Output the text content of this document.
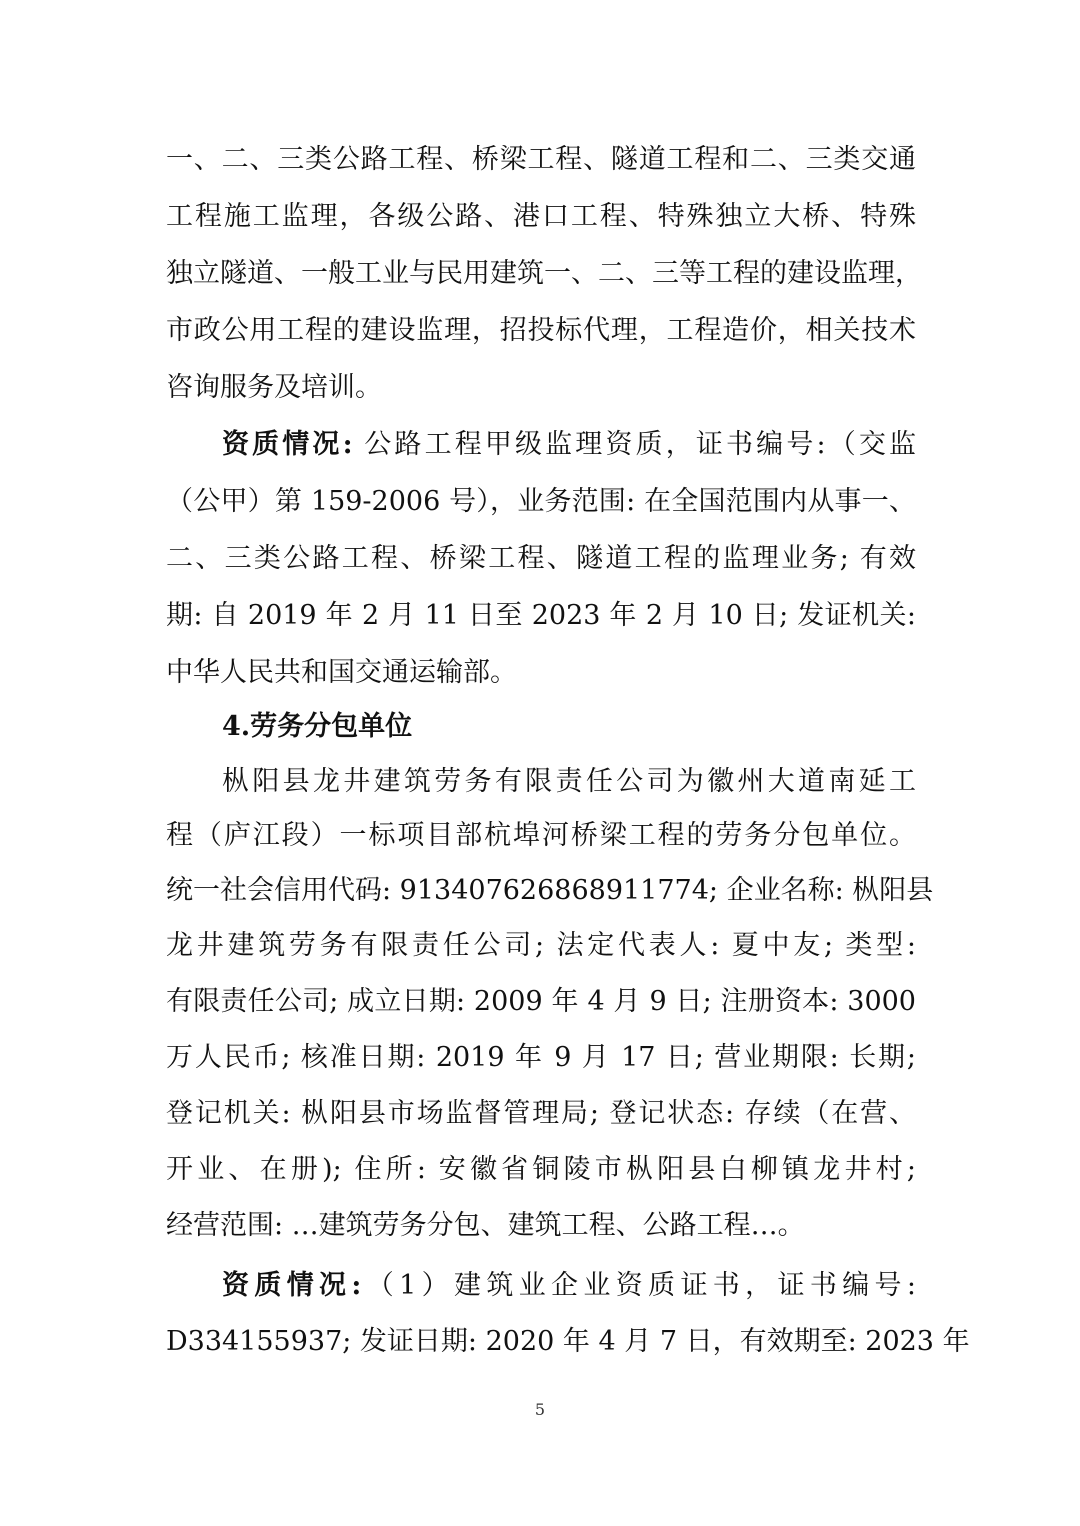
一、二、三类公路工程、桥梁工程、隧道工程和二、三类交通
工程施工监理，各级公路、港口工程、特殊独立大桥、特殊
独立隧道、一般工业与民用建筑一、二、三等工程的建设监理，
市政公用工程的建设监理，招投标代理，工程造价，相关技术
咨询服务及培训。
资质情况: 公路工程甲级监理资质，证书编号:（交监
（公甲）第 159-2006 号），业务范围: 在全国范围内从事一、
二、三类公路工程、桥梁工程、隧道工程的监理业务; 有效
期: 自 2019 年 2 月 11 日至 2023 年 2 月 10 日; 发证机关:
中华人民共和国交通运输部。
4.劳务分包单位
枞阳县龙井建筑劳务有限责任公司为徽州大道南延工
程（庐江段）一标项目部杭埠河桥梁工程的劳务分包单位。
统一社会信用代码: 913407626868911774; 企业名称: 枞阳县
龙井建筑劳务有限责任公司; 法定代表人: 夏中友; 类型:
有限责任公司; 成立日期: 2009 年 4 月 9 日; 注册资本: 3000
万人民币; 核准日期: 2019 年 9 月 17 日; 营业期限: 长期;
登记机关: 枞阳县市场监督管理局; 登记状态: 存续（在营、
开业、在册); 住所: 安徽省铜陵市枞阳县白柳镇龙井村;
经营范围: …建筑劳务分包、建筑工程、公路工程…。
资质情况:（1）建筑业企业资质证书，证书编号:
D334155937; 发证日期: 2020 年 4 月 7 日，有效期至: 2023 年
5
